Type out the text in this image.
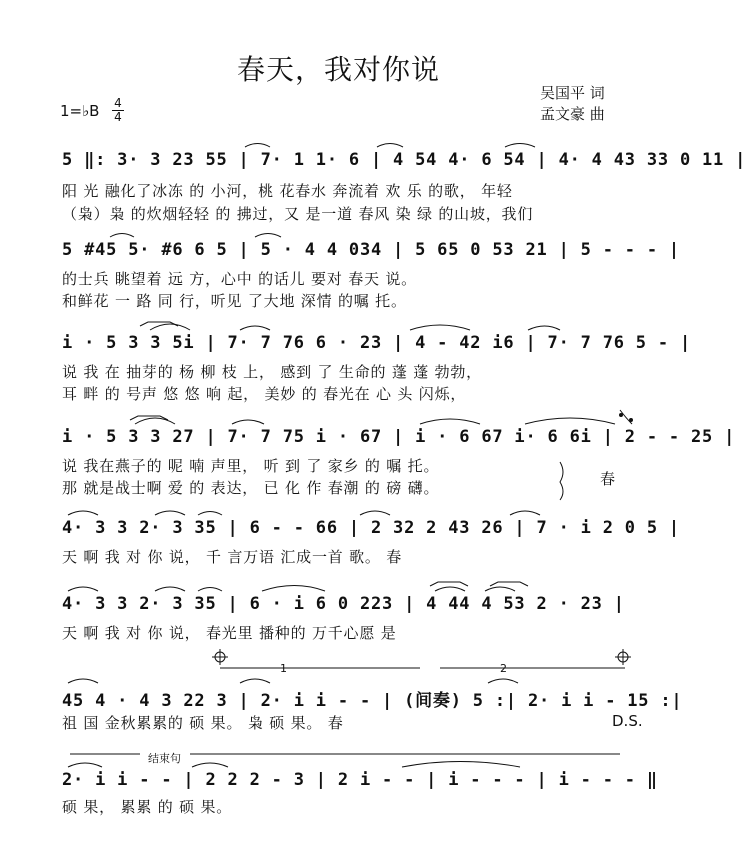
春天，我对你说
吴国平 词
孟文豪 曲
1=♭B 4
4
5 ‖: 3· 3 23 55 | 7· 1 1· 6 | 4 54 4· 6 54 | 4· 4 43 33 0 11 |
阳 光 融化了冰冻 的 小河，桃 花春水 奔流着 欢 乐 的歌， 年轻
（枭）枭 的炊烟轻轻 的 拂过，又 是一道 春风 染 绿 的山坡，我们
5 #45 5· #6 6 5 | 5 · 4 4 034 | 5 65 0 53 21 | 5 - - - |
的士兵 眺望着 远 方，心中 的话儿 要对 春天 说。
和鲜花 一 路 同 行，听见 了大地 深情 的嘱 托。
i · 5 3 3 5i | 7· 7 76 6 · 23 | 4 - 42 i6 | 7· 7 76 5 - |
说 我 在 抽芽的 杨 柳 枝 上， 感到 了 生命的 蓬 蓬 勃勃，
耳 畔 的 号声 悠 悠 响 起， 美妙 的 春光在 心 头 闪烁，
i · 5 3 3 27 | 7· 7 75 i · 67 | i · 6 67 i· 6 6i | 2 - - 25 |
说 我在燕子的 呢 喃 声里， 听 到 了 家乡 的 嘱 托。
那 就是战士啊 爱 的 表达， 已 化 作 春潮 的 磅 礴。	春
4· 3 3 2· 3 35 | 6 - - 66 | 2 32 2 43 26 | 7 · i 2 0 5 |
天 啊 我 对 你 说， 千 言万语 汇成一首 歌。 春
4· 3 3 2· 3 35 | 6 · i 6 0 223 | 4 44 4 53 2 · 23 |
天 啊 我 对 你 说， 春光里 播种的 万千心愿 是
1	2
45 4 · 4 3 22 3 | 2· i i - - | (间奏) 5 :| 2· i i - 15 :|
祖 国 金秋累累的 硕 果。 枭 硕 果。 春	D.S.
结束句
2· i i - - | 2 2 2 - 3 | 2 i - - | i - - - | i - - - ‖
硕 果， 累累 的 硕 果。
